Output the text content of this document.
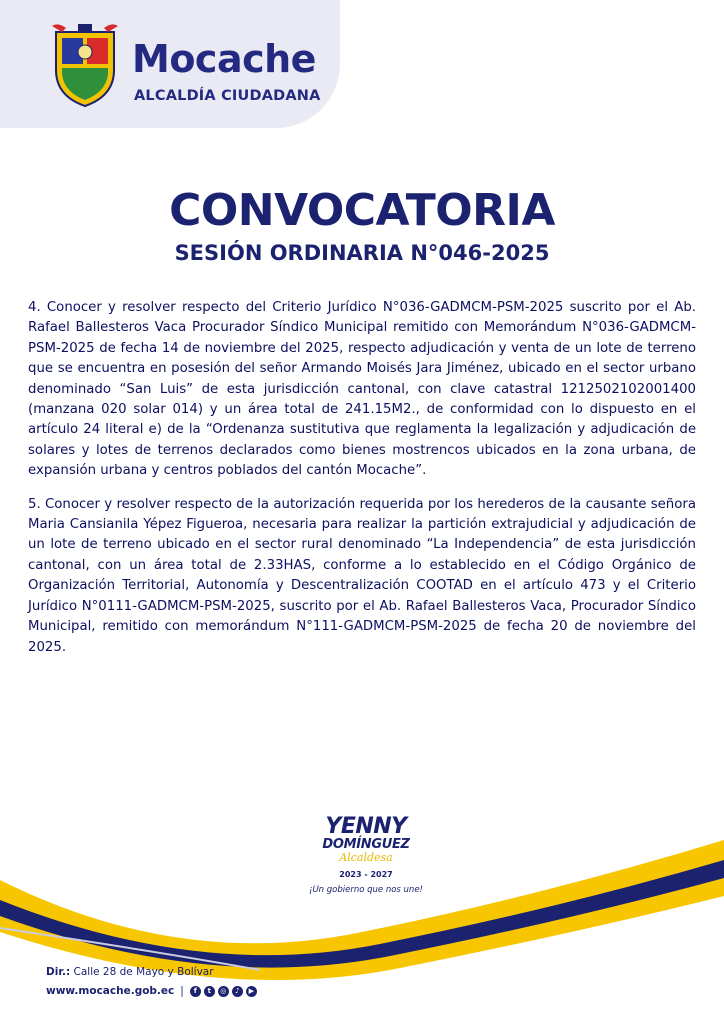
Mocache
ALCALDÍA CIUDADANA
CONVOCATORIA
SESIÓN ORDINARIA N°046-2025

4. Conocer y resolver respecto del Criterio Jurídico N°036-GADMCM-PSM-2025 suscrito por el Ab. Rafael Ballesteros Vaca Procurador Síndico Municipal remitido con Memorándum N°036-GADMCM-PSM-2025 de fecha 14 de noviembre del 2025, respecto adjudicación y venta de un lote de terreno que se encuentra en posesión del señor Armando Moisés Jara Jiménez, ubicado en el sector urbano denominado “San Luis” de esta jurisdicción cantonal, con clave catastral 1212502102001400 (manzana 020 solar 014) y un área total de 241.15M2., de conformidad con lo dispuesto en el artículo 24 literal e) de la “Ordenanza sustitutiva que reglamenta la legalización y adjudicación de solares y lotes de terrenos declarados como bienes mostrencos ubicados en la zona urbana, de expansión urbana y centros poblados del cantón Mocache”.

5. Conocer y resolver respecto de la autorización requerida por los herederos de la causante señora Maria Cansianila Yépez Figueroa, necesaria para realizar la partición extrajudicial y adjudicación de un lote de terreno ubicado en el sector rural denominado “La Independencia” de esta jurisdicción cantonal, con un área total de 2.33HAS, conforme a lo establecido en el Código Orgánico de Organización Territorial, Autonomía y Descentralización COOTAD en el artículo 473 y el Criterio Jurídico N°0111-GADMCM-PSM-2025, suscrito por el Ab. Rafael Ballesteros Vaca, Procurador Síndico Municipal, remitido con memorándum N°111-GADMCM-PSM-2025 de fecha 20 de noviembre del 2025.

YENNY
DOMÍNGUEZ
Alcaldesa
2023 - 2027
¡Un gobierno que nos une!
Dir.: Calle 28 de Mayo y Bolívar
www.mocache.gob.ec |	f	t	◎	♪	▶
